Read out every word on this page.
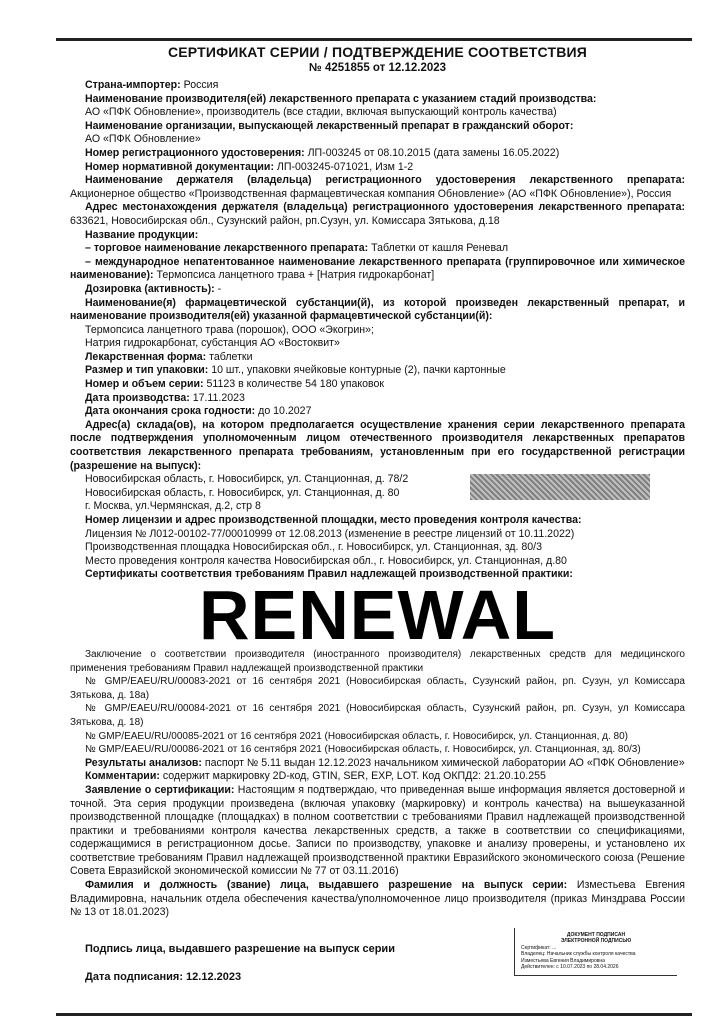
СЕРТИФИКАТ СЕРИИ / ПОДТВЕРЖДЕНИЕ СООТВЕТСТВИЯ
№ 4251855 от 12.12.2023

Страна-импортер: Россия

Наименование производителя(ей) лекарственного препарата с указанием стадий производства:

АО «ПФК Обновление», производитель (все стадии, включая выпускающий контроль качества)

Наименование организации, выпускающей лекарственный препарат в гражданский оборот:

АО «ПФК Обновление»

Номер регистрационного удостоверения: ЛП-003245 от 08.10.2015 (дата замены 16.05.2022)

Номер нормативной документации: ЛП-003245-071021, Изм 1-2

Наименование держателя (владельца) регистрационного удостоверения лекарственного препарата: Акционерное общество «Производственная фармацевтическая компания Обновление» (АО «ПФК Обновление»), Россия

Адрес местонахождения держателя (владельца) регистрационного удостоверения лекарственного препарата: 633621, Новосибирская обл., Сузунский район, рп.Сузун, ул. Комиссара Зятькова, д.18

Название продукции:

– торговое наименование лекарственного препарата: Таблетки от кашля Реневал

– международное непатентованное наименование лекарственного препарата (группировочное или химическое наименование): Термопсиса ланцетного трава + [Натрия гидрокарбонат]

Дозировка (активность): -

Наименование(я) фармацевтической субстанции(й), из которой произведен лекарственный препарат, и наименование производителя(ей) указанной фармацевтической субстанции(й):

Термопсиса ланцетного трава (порошок), ООО «Экогрин»;

Натрия гидрокарбонат, субстанция АО «Востоквит»

Лекарственная форма: таблетки

Размер и тип упаковки: 10 шт., упаковки ячейковые контурные (2), пачки картонные

Номер и объем серии: 51123 в количестве 54 180 упаковок

Дата производства: 17.11.2023

Дата окончания срока годности: до 10.2027

Адрес(а) склада(ов), на котором предполагается осуществление хранения серии лекарственного препарата после подтверждения уполномоченным лицом отечественного производителя лекарственных препаратов соответствия лекарственного препарата требованиям, установленным при его государственной регистрации (разрешение на выпуск):

Новосибирская область, г. Новосибирск, ул. Станционная, д. 78/2

Новосибирская область, г. Новосибирск, ул. Станционная, д. 80

г. Москва, ул.Чермянская, д.2, стр 8

Номер лицензии и адрес производственной площадки, место проведения контроля качества:

Лицензия № Л012-00102-77/00010999 от 12.08.2013 (изменение в реестре лицензий от 10.11.2022)

Производственная площадка Новосибирская обл., г. Новосибирск, ул. Станционная, зд. 80/3

Место проведения контроля качества Новосибирская обл., г. Новосибирск, ул. Станционная, д.80

Сертификаты соответствия требованиям Правил надлежащей производственной практики:

RENEWAL

Заключение о соответствии производителя (иностранного производителя) лекарственных средств для медицинского применения требованиям Правил надлежащей производственной практики

№ GMP/EAEU/RU/00083-2021 от 16 сентября 2021 (Новосибирская область, Сузунский район, рп. Сузун, ул Комиссара Зятькова, д. 18а)

№ GMP/EAEU/RU/00084-2021 от 16 сентября 2021 (Новосибирская область, Сузунский район, рп. Сузун, ул Комиссара Зятькова, д. 18)

№ GMP/EAEU/RU/00085-2021 от 16 сентября 2021 (Новосибирская область, г. Новосибирск, ул. Станционная, д. 80)

№ GMP/EAEU/RU/00086-2021 от 16 сентября 2021 (Новосибирская область, г. Новосибирск, ул. Станционная, зд. 80/3)

Результаты анализов: паспорт № 5.11 выдан 12.12.2023 начальником химической лаборатории АО «ПФК Обновление»

Комментарии: содержит маркировку 2D-код, GTIN, SER, EXP, LOT. Код ОКПД2: 21.20.10.255

Заявление о сертификации: Настоящим я подтверждаю, что приведенная выше информация является достоверной и точной. Эта серия продукции произведена (включая упаковку (маркировку) и контроль качества) на вышеуказанной производственной площадке (площадках) в полном соответствии с требованиями Правил надлежащей производственной практики и требованиями контроля качества лекарственных средств, а также в соответствии со спецификациями, содержащимися в регистрационном досье. Записи по производству, упаковке и анализу проверены, и установлено их соответствие требованиям Правил надлежащей производственной практики Евразийского экономического союза (Решение Совета Евразийской экономической комиссии № 77 от 03.11.2016)

Фамилия и должность (звание) лица, выдавшего разрешение на выпуск серии: Изместьева Евгения Владимировна, начальник отдела обеспечения качества/уполномоченное лицо производителя (приказ Минздрава России № 13 от 18.01.2023)

Подпись лица, выдавшего разрешение на выпуск серии
Дата подписания: 12.12.2023
ДОКУМЕНТ ПОДПИСАН
ЭЛЕКТРОННОЙ ПОДПИСЬЮ
Сертификат: ...
Владелец: Начальник службы контроля качества
Изместьева Евгения Владимировна
Действителен: с 10.07.2023 по 28.04.2026
